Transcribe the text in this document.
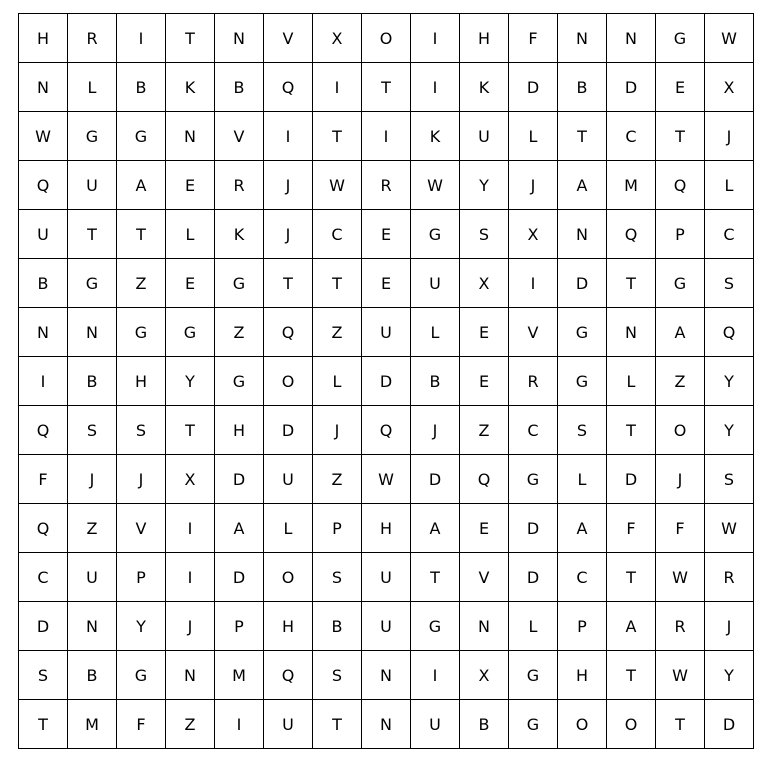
H	R	I	T	N	V	X	O	I	H	F	N	N	G	W
N	L	B	K	B	Q	I	T	I	K	D	B	D	E	X
W	G	G	N	V	I	T	I	K	U	L	T	C	T	J
Q	U	A	E	R	J	W	R	W	Y	J	A	M	Q	L
U	T	T	L	K	J	C	E	G	S	X	N	Q	P	C
B	G	Z	E	G	T	T	E	U	X	I	D	T	G	S
N	N	G	G	Z	Q	Z	U	L	E	V	G	N	A	Q
I	B	H	Y	G	O	L	D	B	E	R	G	L	Z	Y
Q	S	S	T	H	D	J	Q	J	Z	C	S	T	O	Y
F	J	J	X	D	U	Z	W	D	Q	G	L	D	J	S
Q	Z	V	I	A	L	P	H	A	E	D	A	F	F	W
C	U	P	I	D	O	S	U	T	V	D	C	T	W	R
D	N	Y	J	P	H	B	U	G	N	L	P	A	R	J
S	B	G	N	M	Q	S	N	I	X	G	H	T	W	Y
T	M	F	Z	I	U	T	N	U	B	G	O	O	T	D
